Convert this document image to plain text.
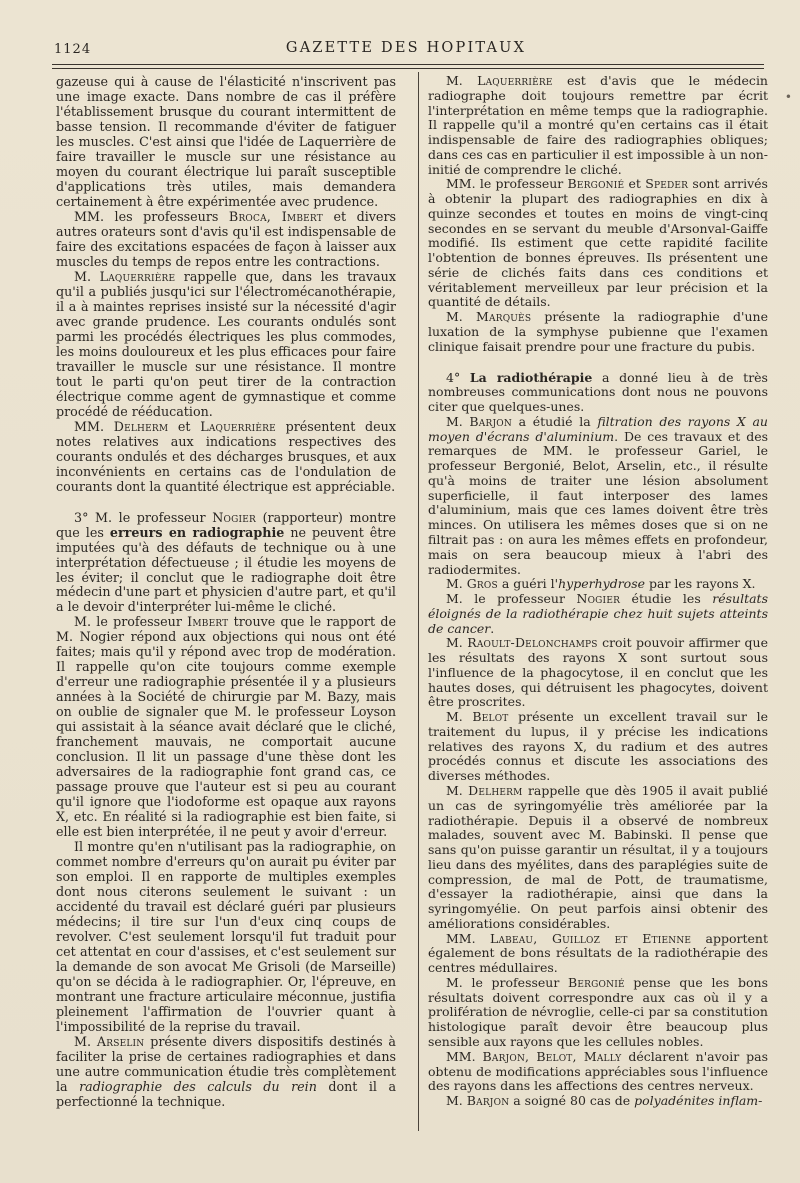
1124	GAZETTE DES HOPITAUX
•

gazeuse qui à cause de l'élasticité n'inscrivent pas une image exacte. Dans nombre de cas il préfère l'établissement brusque du courant intermittent de basse tension. Il recommande d'éviter de fatiguer les muscles. C'est ainsi que l'idée de Laquerrière de faire travailler le muscle sur une résistance au moyen du courant électrique lui paraît susceptible d'applications très utiles, mais demandera certainement à être expérimentée avec prudence.

MM. les professeurs Broca, Imbert et divers autres orateurs sont d'avis qu'il est indispensable de faire des excitations espacées de façon à laisser aux muscles du temps de repos entre les contractions.

M. Laquerrière rappelle que, dans les travaux qu'il a publiés jusqu'ici sur l'électromécanothérapie, il a à maintes reprises insisté sur la nécessité d'agir avec grande prudence. Les courants ondulés sont parmi les procédés électriques les plus commodes, les moins douloureux et les plus efficaces pour faire travailler le muscle sur une résistance. Il montre tout le parti qu'on peut tirer de la contraction électrique comme agent de gymnastique et comme procédé de rééducation.

MM. Delherm et Laquerrière présentent deux notes relatives aux indications respectives des courants ondulés et des décharges brusques, et aux inconvénients en certains cas de l'ondulation de courants dont la quantité électrique est appréciable.

3° M. le professeur Nogier (rapporteur) montre que les erreurs en radiographie ne peuvent être imputées qu'à des défauts de technique ou à une interprétation défectueuse ; il étudie les moyens de les éviter; il conclut que le radiographe doit être médecin d'une part et physicien d'autre part, et qu'il a le devoir d'interpréter lui-même le cliché.

M. le professeur Imbert trouve que le rapport de M. Nogier répond aux objections qui nous ont été faites; mais qu'il y répond avec trop de modération. Il rappelle qu'on cite toujours comme exemple d'erreur une radiographie présentée il y a plusieurs années à la Société de chirurgie par M. Bazy, mais on oublie de signaler que M. le professeur Loyson qui assistait à la séance avait déclaré que le cliché, franchement mauvais, ne comportait aucune conclusion. Il lit un passage d'une thèse dont les adversaires de la radiographie font grand cas, ce passage prouve que l'auteur est si peu au courant qu'il ignore que l'iodoforme est opaque aux rayons X, etc. En réalité si la radiographie est bien faite, si elle est bien interprétée, il ne peut y avoir d'erreur.

Il montre qu'en n'utilisant pas la radiographie, on commet nombre d'erreurs qu'on aurait pu éviter par son emploi. Il en rapporte de multiples exemples dont nous citerons seulement le suivant : un accidenté du travail est déclaré guéri par plusieurs médecins; il tire sur l'un d'eux cinq coups de revolver. C'est seulement lorsqu'il fut traduit pour cet attentat en cour d'assises, et c'est seulement sur la demande de son avocat Me Grisoli (de Marseille) qu'on se décida à le radiographier. Or, l'épreuve, en montrant une fracture articulaire méconnue, justifia pleinement l'affirmation de l'ouvrier quant à l'impossibilité de la reprise du travail.

M. Arselin présente divers dispositifs destinés à faciliter la prise de certaines radiographies et dans une autre communication étudie très complètement la radiographie des calculs du rein dont il a perfectionné la technique.

M. Laquerrière est d'avis que le médecin radiographe doit toujours remettre par écrit l'interprétation en même temps que la radiographie. Il rappelle qu'il a montré qu'en certains cas il était indispensable de faire des radiographies obliques; dans ces cas en particulier il est impossible à un non-initié de comprendre le cliché.

MM. le professeur Bergonié et Speder sont arrivés à obtenir la plupart des radiographies en dix à quinze secondes et toutes en moins de vingt-cinq secondes en se servant du meuble d'Arsonval-Gaiffe modifié. Ils estiment que cette rapidité facilite l'obtention de bonnes épreuves. Ils présentent une série de clichés faits dans ces conditions et véritablement merveilleux par leur précision et la quantité de détails.

M. Marquès présente la radiographie d'une luxation de la symphyse pubienne que l'examen clinique faisait prendre pour une fracture du pubis.

4° La radiothérapie a donné lieu à de très nombreuses communications dont nous ne pouvons citer que quelques-unes.

M. Barjon a étudié la filtration des rayons X au moyen d'écrans d'aluminium. De ces travaux et des remarques de MM. le professeur Gariel, le professeur Bergonié, Belot, Arselin, etc., il résulte qu'à moins de traiter une lésion absolument superficielle, il faut interposer des lames d'aluminium, mais que ces lames doivent être très minces. On utilisera les mêmes doses que si on ne filtrait pas : on aura les mêmes effets en profondeur, mais on sera beaucoup mieux à l'abri des radiodermites.

M. Gros a guéri l'hyperhydrose par les rayons X.

M. le professeur Nogier étudie les résultats éloignés de la radiothérapie chez huit sujets atteints de cancer.

M. Raoult-Delonchamps croit pouvoir affirmer que les résultats des rayons X sont surtout sous l'influence de la phagocytose, il en conclut que les hautes doses, qui détruisent les phagocytes, doivent être proscrites.

M. Belot présente un excellent travail sur le traitement du lupus, il y précise les indications relatives des rayons X, du radium et des autres procédés connus et discute les associations des diverses méthodes.

M. Delherm rappelle que dès 1905 il avait publié un cas de syringomyélie très améliorée par la radiothérapie. Depuis il a observé de nombreux malades, souvent avec M. Babinski. Il pense que sans qu'on puisse garantir un résultat, il y a toujours lieu dans des myélites, dans des paraplégies suite de compression, de mal de Pott, de traumatisme, d'essayer la radiothérapie, ainsi que dans la syringomyélie. On peut parfois ainsi obtenir des améliorations considérables.

MM. Labeau, Guilloz et Etienne apportent également de bons résultats de la radiothérapie des centres médullaires.

M. le professeur Bergonié pense que les bons résultats doivent correspondre aux cas où il y a prolifération de névroglie, celle-ci par sa constitution histologique paraît devoir être beaucoup plus sensible aux rayons que les cellules nobles.

MM. Barjon, Belot, Mally déclarent n'avoir pas obtenu de modifications appréciables sous l'influence des rayons dans les affections des centres nerveux.

M. Barjon a soigné 80 cas de polyadénites inflam-
